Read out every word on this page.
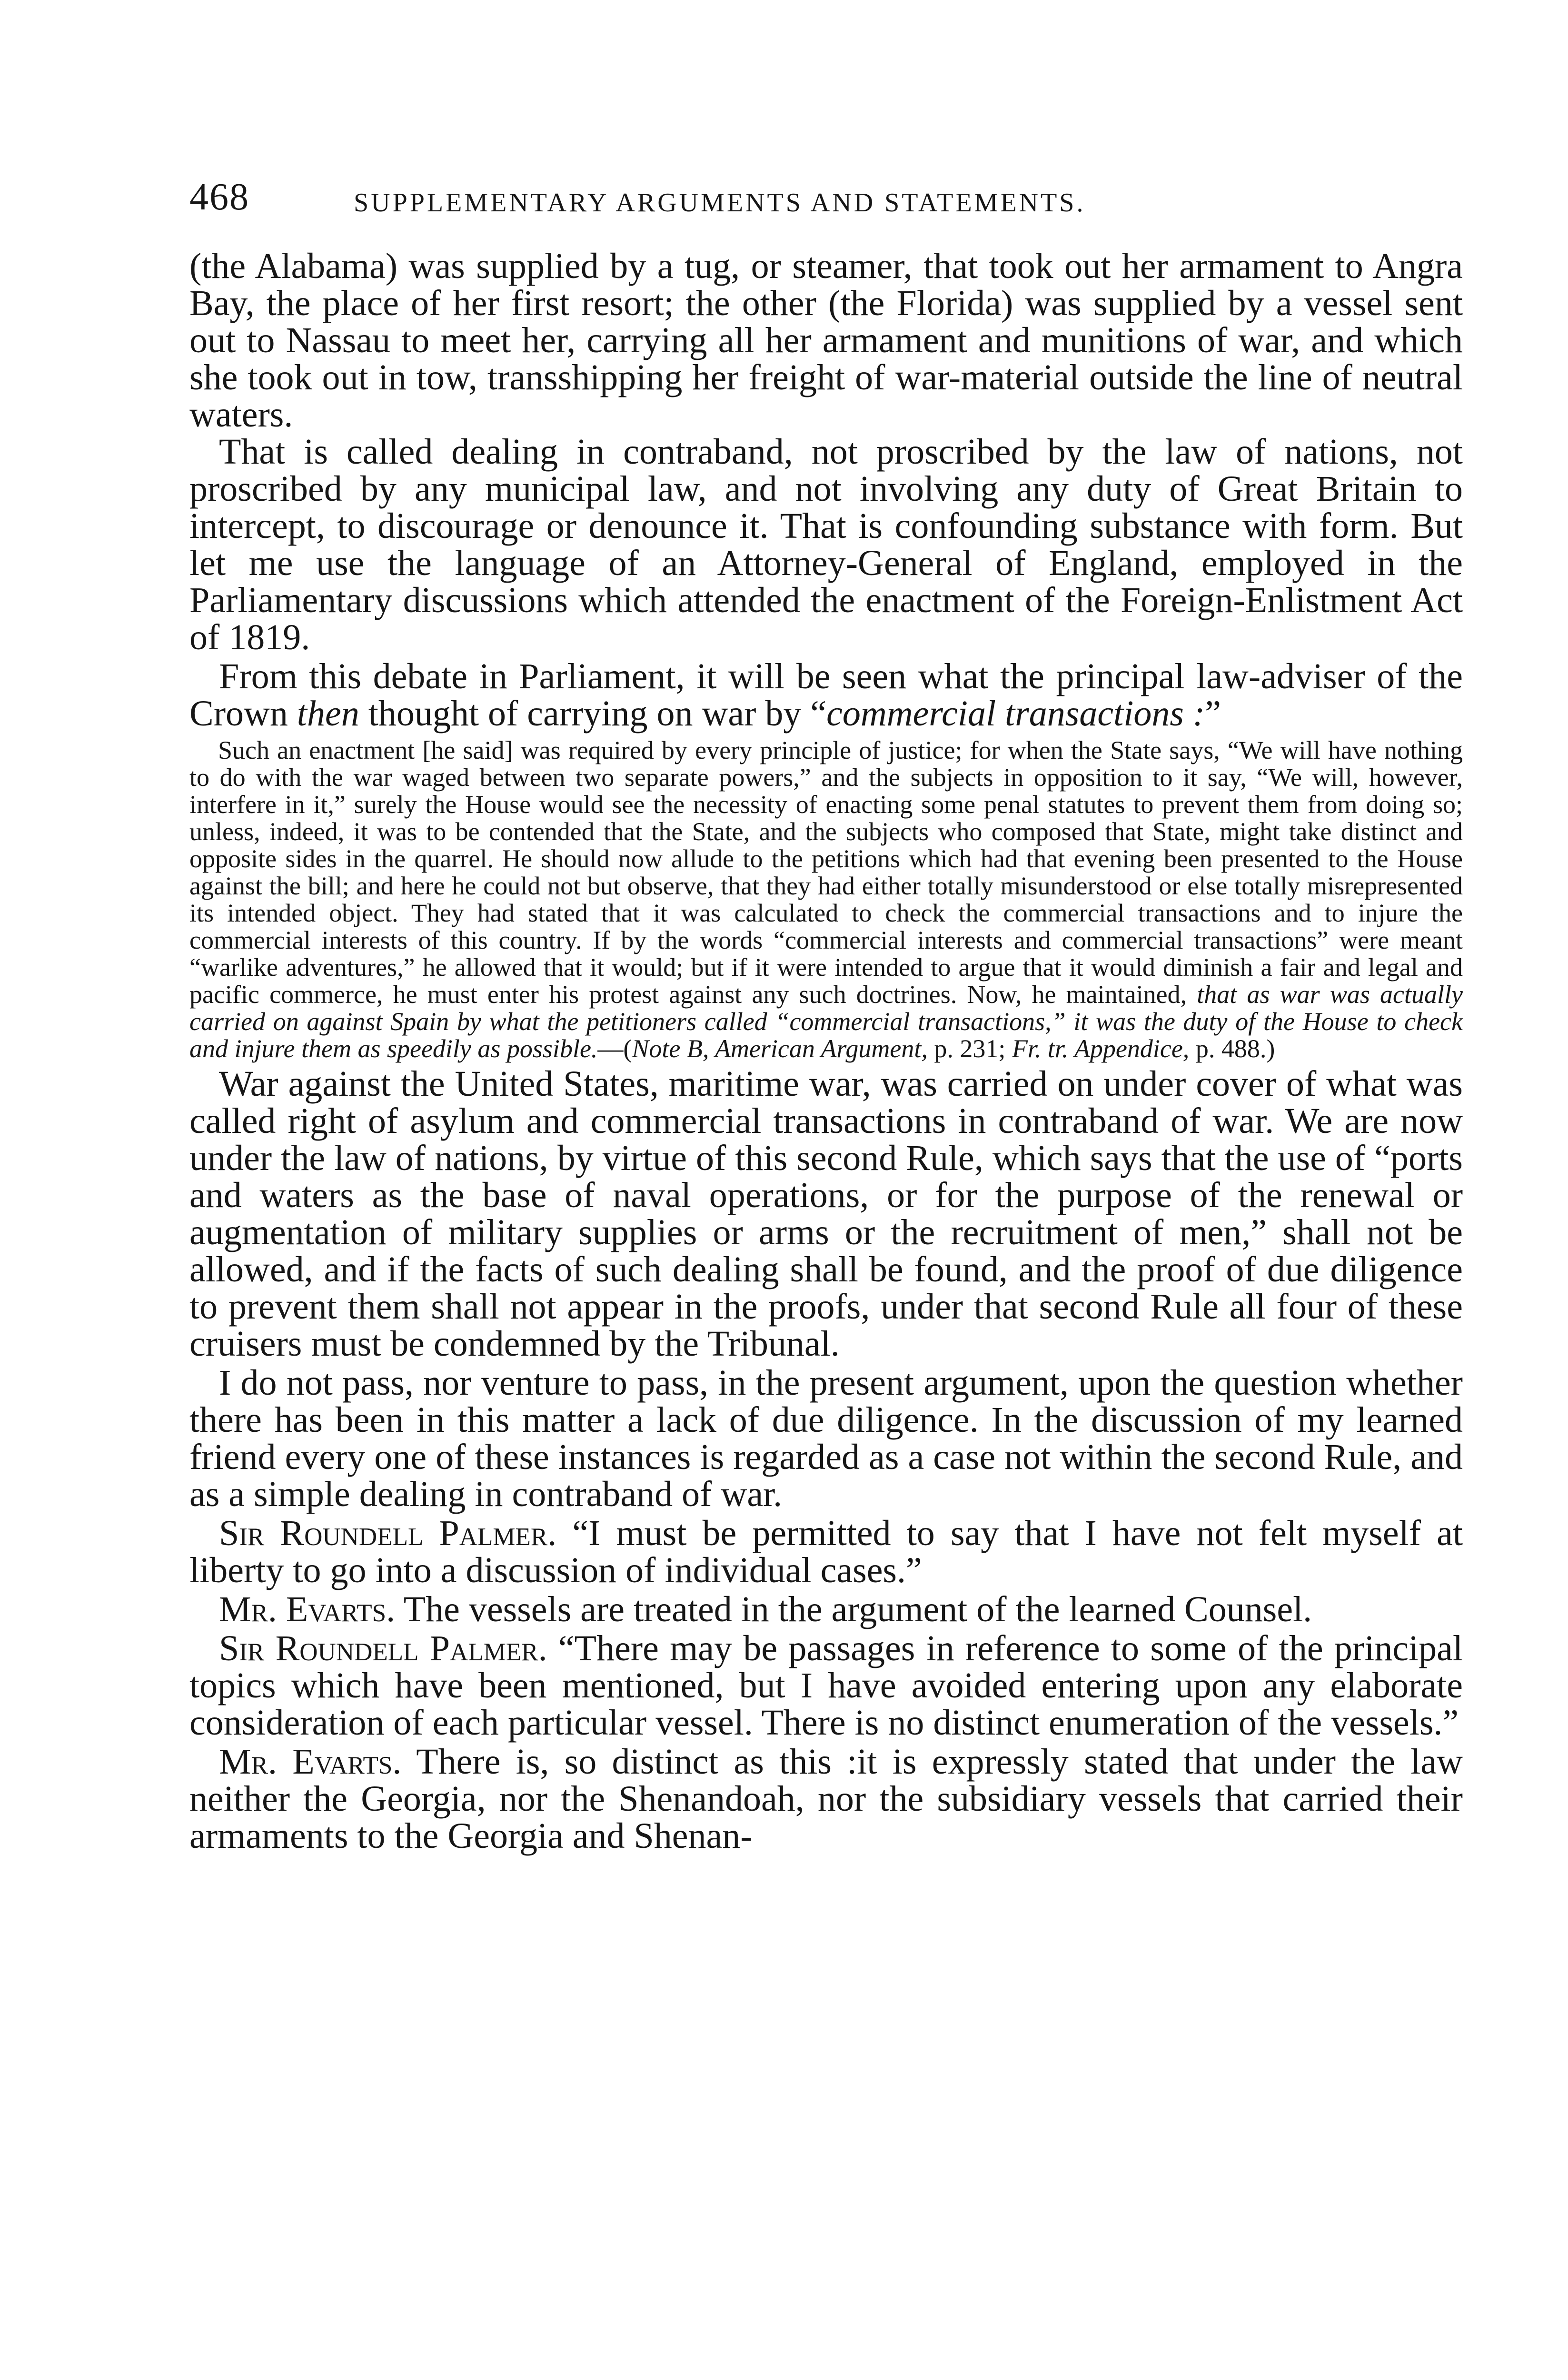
468	SUPPLEMENTARY ARGUMENTS AND STATEMENTS.

(the Alabama) was supplied by a tug, or steamer, that took out her armament to Angra Bay, the place of her first resort; the other (the Florida) was supplied by a vessel sent out to Nassau to meet her, carrying all her armament and munitions of war, and which she took out in tow, transshipping her freight of war-material outside the line of neutral waters.

That is called dealing in contraband, not proscribed by the law of nations, not proscribed by any municipal law, and not involving any duty of Great Britain to intercept, to discourage or denounce it. That is confounding substance with form. But let me use the language of an Attorney-General of England, employed in the Parliamentary discussions which attended the enactment of the Foreign-Enlistment Act of 1819.

From this debate in Parliament, it will be seen what the principal law-adviser of the Crown then thought of carrying on war by “commercial transactions :”

Such an enactment [he said] was required by every principle of justice; for when the State says, “We will have nothing to do with the war waged between two separate powers,” and the subjects in opposition to it say, “We will, however, interfere in it,” surely the House would see the necessity of enacting some penal statutes to prevent them from doing so; unless, indeed, it was to be contended that the State, and the subjects who composed that State, might take distinct and opposite sides in the quarrel. He should now allude to the petitions which had that evening been presented to the House against the bill; and here he could not but observe, that they had either totally misunderstood or else totally misrepresented its intended object. They had stated that it was calculated to check the commercial transactions and to injure the commercial interests of this country. If by the words “commercial interests and commercial transactions” were meant “warlike adventures,” he allowed that it would; but if it were intended to argue that it would diminish a fair and legal and pacific commerce, he must enter his protest against any such doctrines. Now, he maintained, that as war was actually carried on against Spain by what the petitioners called “commercial transactions,” it was the duty of the House to check and injure them as speedily as possible.—(Note B, American Argument, p. 231; Fr. tr. Appendice, p. 488.)

War against the United States, maritime war, was carried on under cover of what was called right of asylum and commercial transactions in contraband of war. We are now under the law of nations, by virtue of this second Rule, which says that the use of “ports and waters as the base of naval operations, or for the purpose of the renewal or augmentation of military supplies or arms or the recruitment of men,” shall not be allowed, and if the facts of such dealing shall be found, and the proof of due diligence to prevent them shall not appear in the proofs, under that second Rule all four of these cruisers must be condemned by the Tribunal.

I do not pass, nor venture to pass, in the present argument, upon the question whether there has been in this matter a lack of due diligence. In the discussion of my learned friend every one of these instances is regarded as a case not within the second Rule, and as a simple dealing in contraband of war.

Sir Roundell Palmer. “I must be permitted to say that I have not felt myself at liberty to go into a discussion of individual cases.”

Mr. Evarts. The vessels are treated in the argument of the learned Counsel.

Sir Roundell Palmer. “There may be passages in reference to some of the principal topics which have been mentioned, but I have avoided entering upon any elaborate consideration of each particular vessel. There is no distinct enumeration of the vessels.”

Mr. Evarts. There is, so distinct as this :it is expressly stated that under the law neither the Georgia, nor the Shenandoah, nor the subsidiary vessels that carried their armaments to the Georgia and Shenan-
